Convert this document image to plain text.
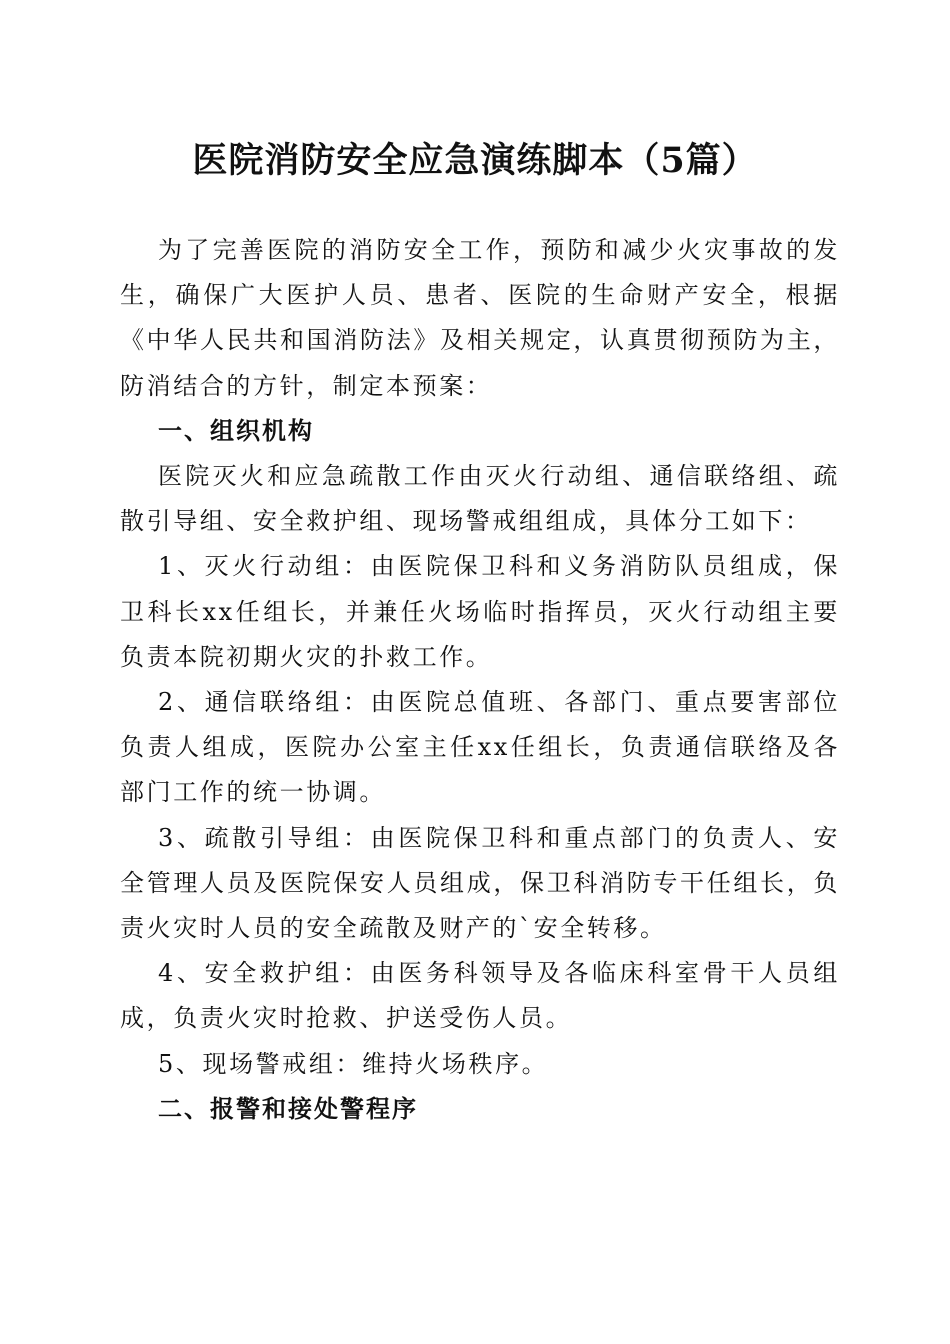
医院消防安全应急演练脚本（5篇）

为了完善医院的消防安全工作，预防和减少火灾事故的发生，确保广大医护人员、患者、医院的生命财产安全，根据《中华人民共和国消防法》及相关规定，认真贯彻预防为主，防消结合的方针，制定本预案：

一、组织机构

医院灭火和应急疏散工作由灭火行动组、通信联络组、疏散引导组、安全救护组、现场警戒组组成，具体分工如下：

1、灭火行动组：由医院保卫科和义务消防队员组成，保卫科长xx任组长，并兼任火场临时指挥员，灭火行动组主要负责本院初期火灾的扑救工作。

2、通信联络组：由医院总值班、各部门、重点要害部位负责人组成，医院办公室主任xx任组长，负责通信联络及各部门工作的统一协调。

3、疏散引导组：由医院保卫科和重点部门的负责人、安全管理人员及医院保安人员组成，保卫科消防专干任组长，负责火灾时人员的安全疏散及财产的`安全转移。

4、安全救护组：由医务科领导及各临床科室骨干人员组成，负责火灾时抢救、护送受伤人员。

5、现场警戒组：维持火场秩序。

二、报警和接处警程序
